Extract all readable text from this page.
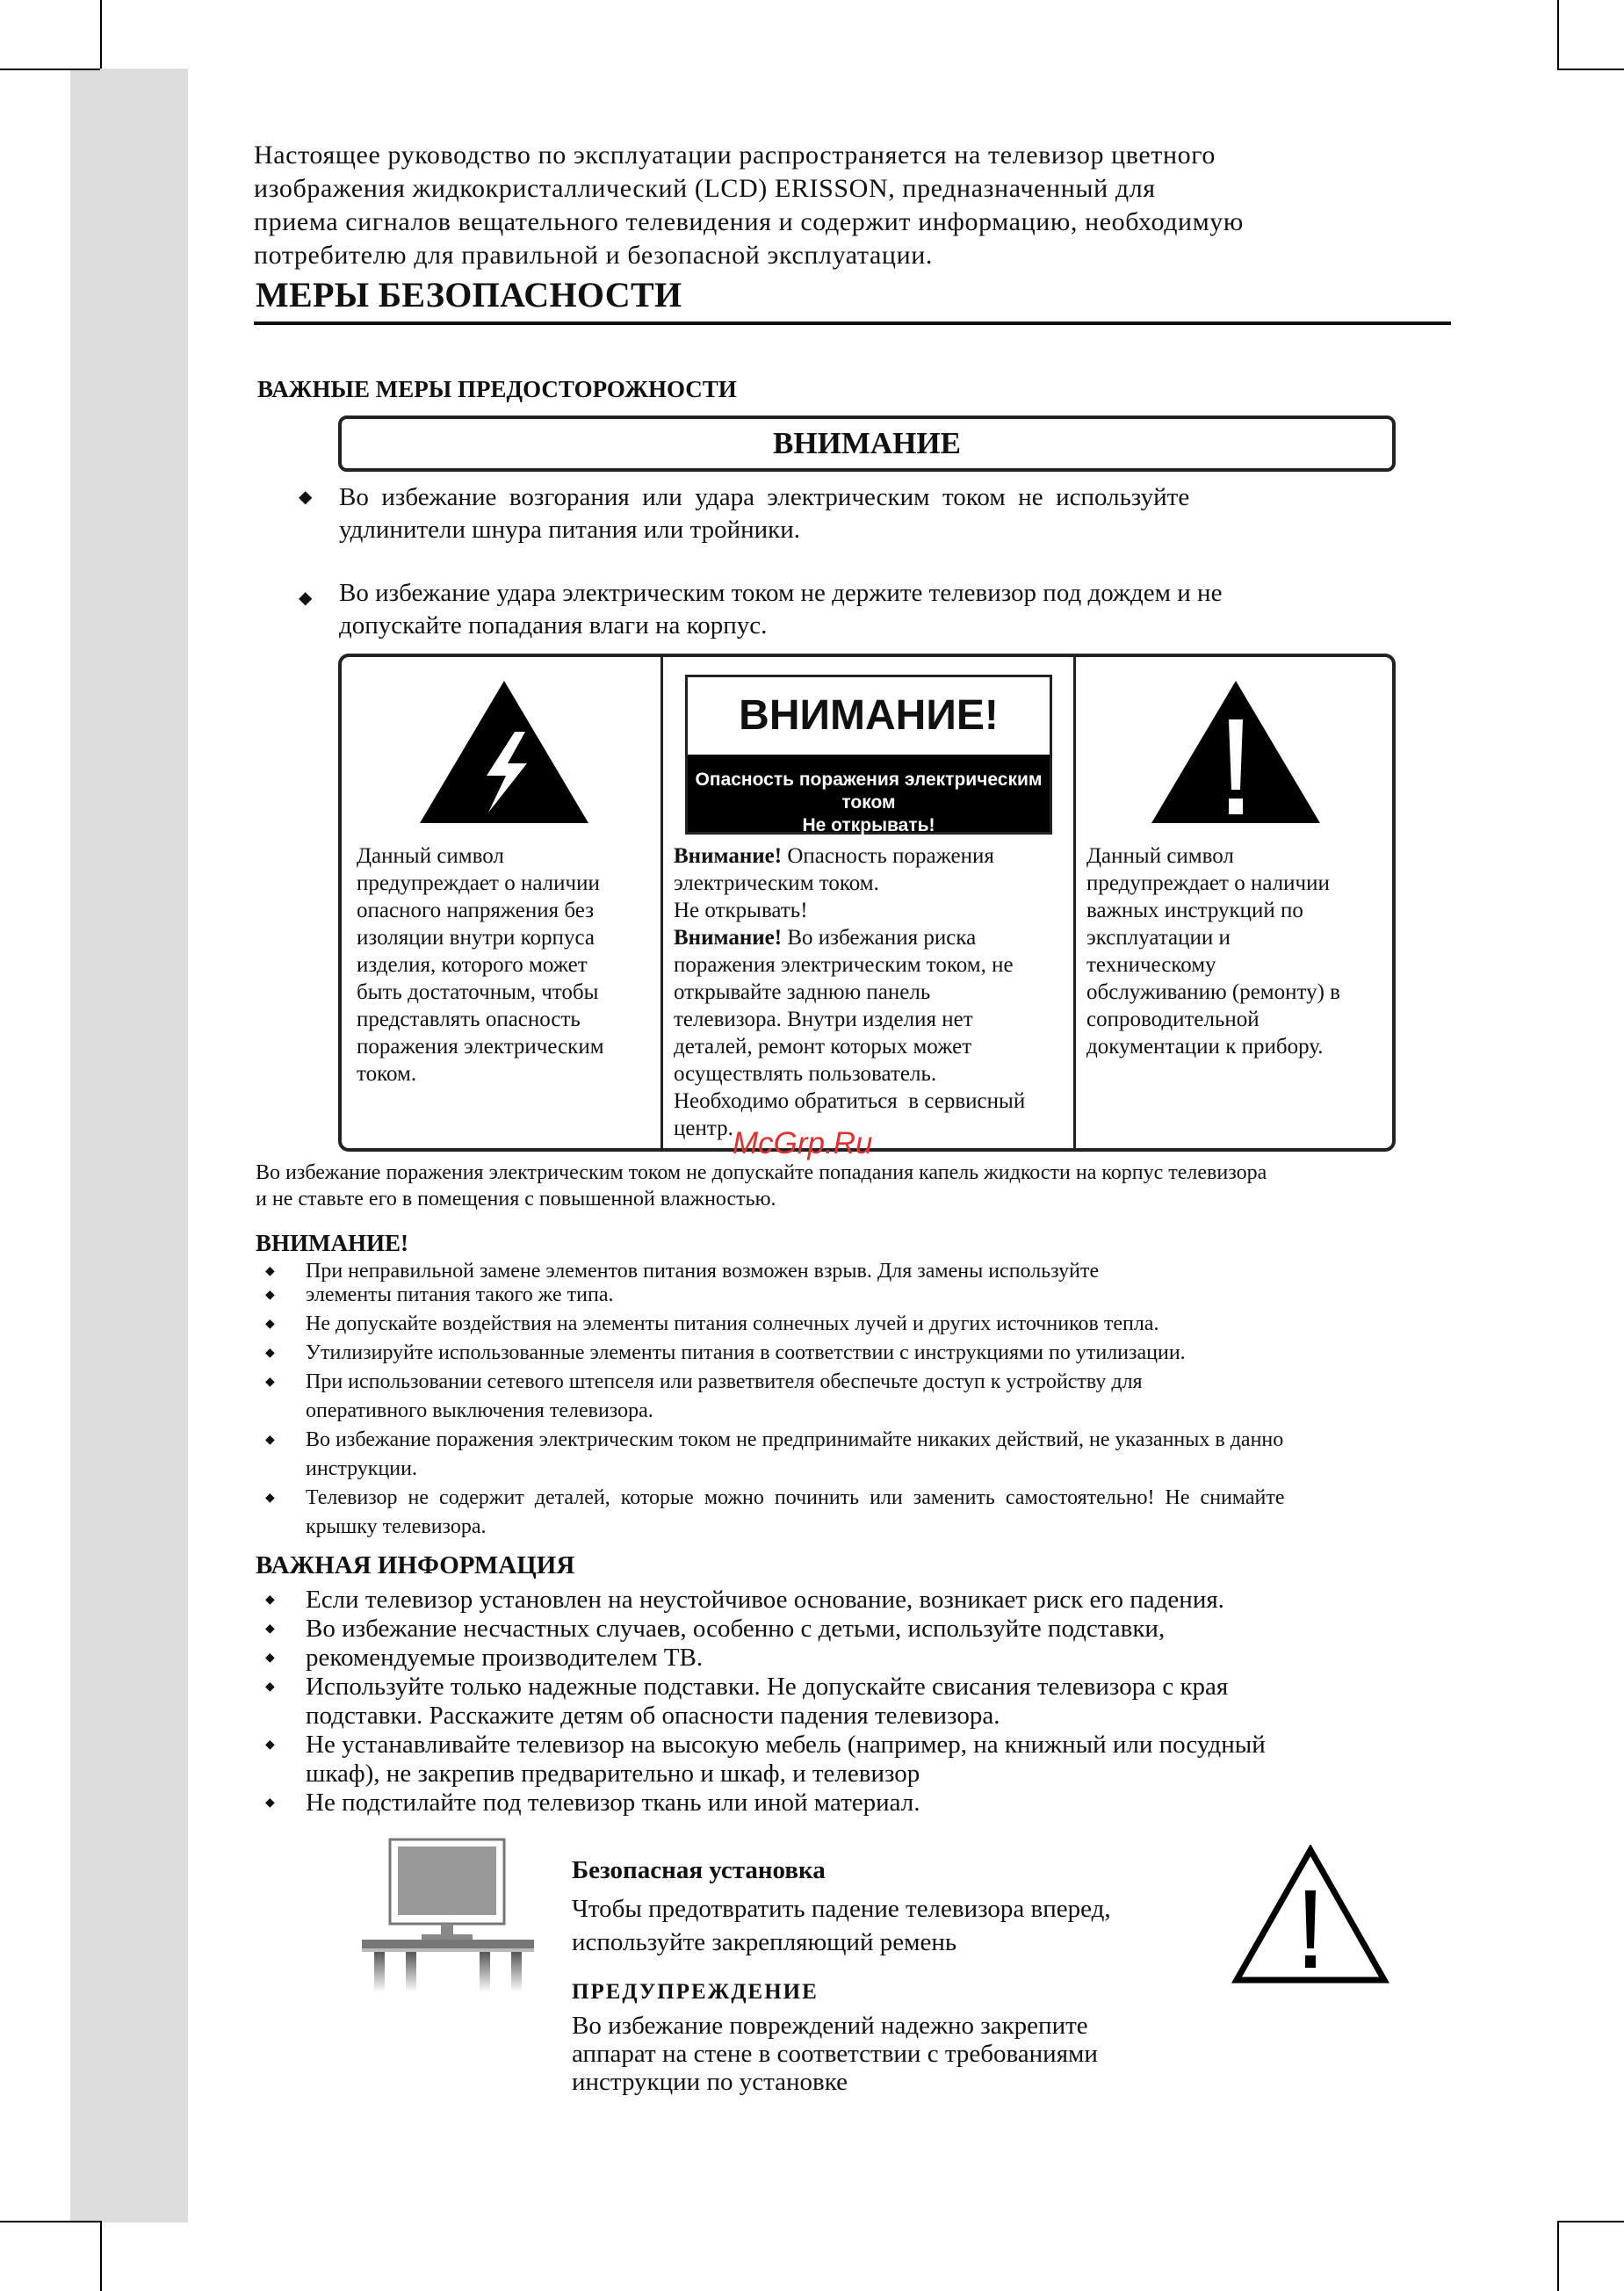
Настоящее руководство по эксплуатации распространяется на телевизор цветного
изображения жидкокристаллический (LCD) ERISSON, предназначенный для
приема сигналов вещательного телевидения и содержит информацию, необходимую
потребителю для правильной и безопасной эксплуатации.

МЕРЫ БЕЗОПАСНОСТИ
ВАЖНЫЕ МЕРЫ ПРЕДОСТОРОЖНОСТИ
ВНИМАНИЕ
◆ Во  избежание  возгорания  или  удара  электрическим  током  не  используйте
удлинители шнура питания или тройники.
◆ Во избежание удара электрическим током не держите телевизор под дождем и не
допускайте попадания влаги на корпус.
Данный символ
предупреждает о наличии
опасного напряжения без
изоляции внутри корпуса
изделия, которого может
быть достаточным, чтобы
представлять опасность
поражения электрическим
током.
Внимание! Опасность поражения
электрическим током.
Не открывать!
Внимание! Во избежания риска
поражения электрическим током, не
открывайте заднюю панель
телевизора. Внутри изделия нет
деталей, ремонт которых может
осуществлять пользователь.
Необходимо обратиться  в сервисный
центр.
Данный символ
предупреждает о наличии
важных инструкций по
эксплуатации и
техническому
обслуживанию (ремонту) в
сопроводительной
документации к прибору.
ВНИМАНИЕ!
Опасность поражения электрическим током
Не открывать!
McGrp.Ru

Во избежание поражения электрическим током не допускайте попадания капель жидкости на корпус телевизора
и не ставьте его в помещения с повышенной влажностью.

ВНИМАНИЕ!
◆ При неправильной замене элементов питания возможен взрыв. Для замены используйте
◆ элементы питания такого же типа.
◆ Не допускайте воздействия на элементы питания солнечных лучей и других источников тепла.
◆ Утилизируйте использованные элементы питания в соответствии с инструкциями по утилизации.
◆ При использовании сетевого штепселя или разветвителя обеспечьте доступ к устройству для
оперативного выключения телевизора.
◆ Во избежание поражения электрическим током не предпринимайте никаких действий, не указанных в данно
инструкции.
◆ Телевизор  не  содержит  деталей,  которые  можно  починить  или  заменить  самостоятельно!  Не  снимайте
крышку телевизора.
ВАЖНАЯ ИНФОРМАЦИЯ
◆ Если телевизор установлен на неустойчивое основание, возникает риск его падения.
◆ Во избежание несчастных случаев, особенно с детьми, используйте подставки,
◆ рекомендуемые производителем ТВ.
◆ Используйте только надежные подставки. Не допускайте свисания телевизора с края
подставки. Расскажите детям об опасности падения телевизора.
◆ Не устанавливайте телевизор на высокую мебель (например, на книжный или посудный
шкаф), не закрепив предварительно и шкаф, и телевизор
◆ Не подстилайте под телевизор ткань или иной материал.
Безопасная установка

Чтобы предотвратить падение телевизора вперед,
используйте закрепляющий ремень

ПРЕДУПРЕЖДЕНИЕ

Во избежание повреждений надежно закрепите
аппарат на стене в соответствии с требованиями
инструкции по установке
